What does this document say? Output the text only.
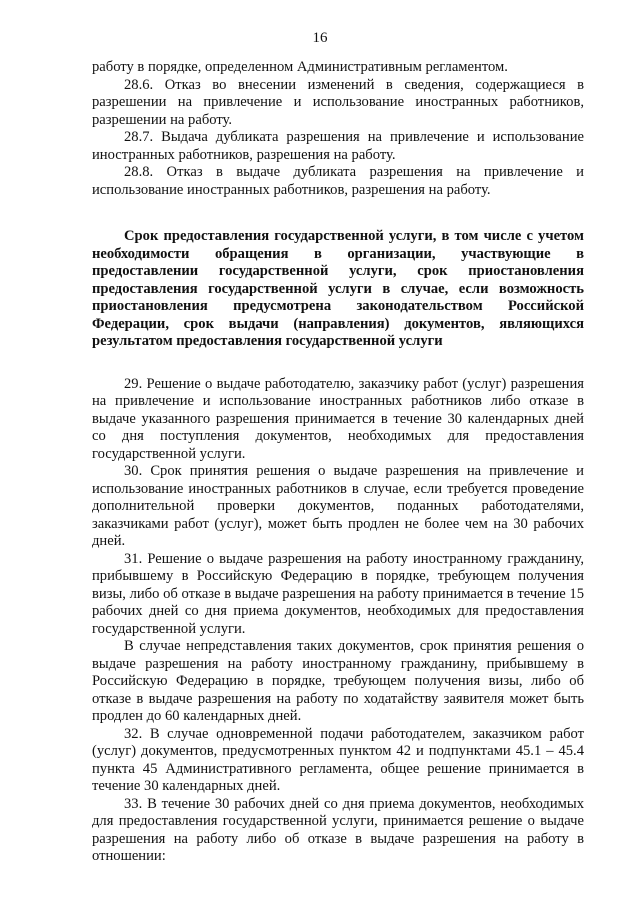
16

работу в порядке, определенном Административным регламентом.

28.6. Отказ во внесении изменений в сведения, содержащиеся в разрешении на привлечение и использование иностранных работников, разрешении на работу.

28.7. Выдача дубликата разрешения на привлечение и использование иностранных работников, разрешения на работу.

28.8. Отказ в выдаче дубликата разрешения на привлечение и использование иностранных работников, разрешения на работу.

Срок предоставления государственной услуги, в том числе с учетом необходимости обращения в организации, участвующие в предоставлении государственной услуги, срок приостановления предоставления государственной услуги в случае, если возможность приостановления предусмотрена законодательством Российской Федерации, срок выдачи (направления) документов, являющихся результатом предоставления государственной услуги

29. Решение о выдаче работодателю, заказчику работ (услуг) разрешения на привлечение и использование иностранных работников либо отказе в выдаче указанного разрешения принимается в течение 30 календарных дней со дня поступления документов, необходимых для предоставления государственной услуги.

30. Срок принятия решения о выдаче разрешения на привлечение и использование иностранных работников в случае, если требуется проведение дополнительной проверки документов, поданных работодателями, заказчиками работ (услуг), может быть продлен не более чем на 30 рабочих дней.

31. Решение о выдаче разрешения на работу иностранному гражданину, прибывшему в Российскую Федерацию в порядке, требующем получения визы, либо об отказе в выдаче разрешения на работу принимается в течение 15 рабочих дней со дня приема документов, необходимых для предоставления государственной услуги.

В случае непредставления таких документов, срок принятия решения о выдаче разрешения на работу иностранному гражданину, прибывшему в Российскую Федерацию в порядке, требующем получения визы, либо об отказе в выдаче разрешения на работу по ходатайству заявителя может быть продлен до 60 календарных дней.

32. В случае одновременной подачи работодателем, заказчиком работ (услуг) документов, предусмотренных пунктом 42 и подпунктами 45.1 – 45.4 пункта 45 Административного регламента, общее решение принимается в течение 30 календарных дней.

33. В течение 30 рабочих дней со дня приема документов, необходимых для предоставления государственной услуги, принимается решение о выдаче разрешения на работу либо об отказе в выдаче разрешения на работу в отношении:
